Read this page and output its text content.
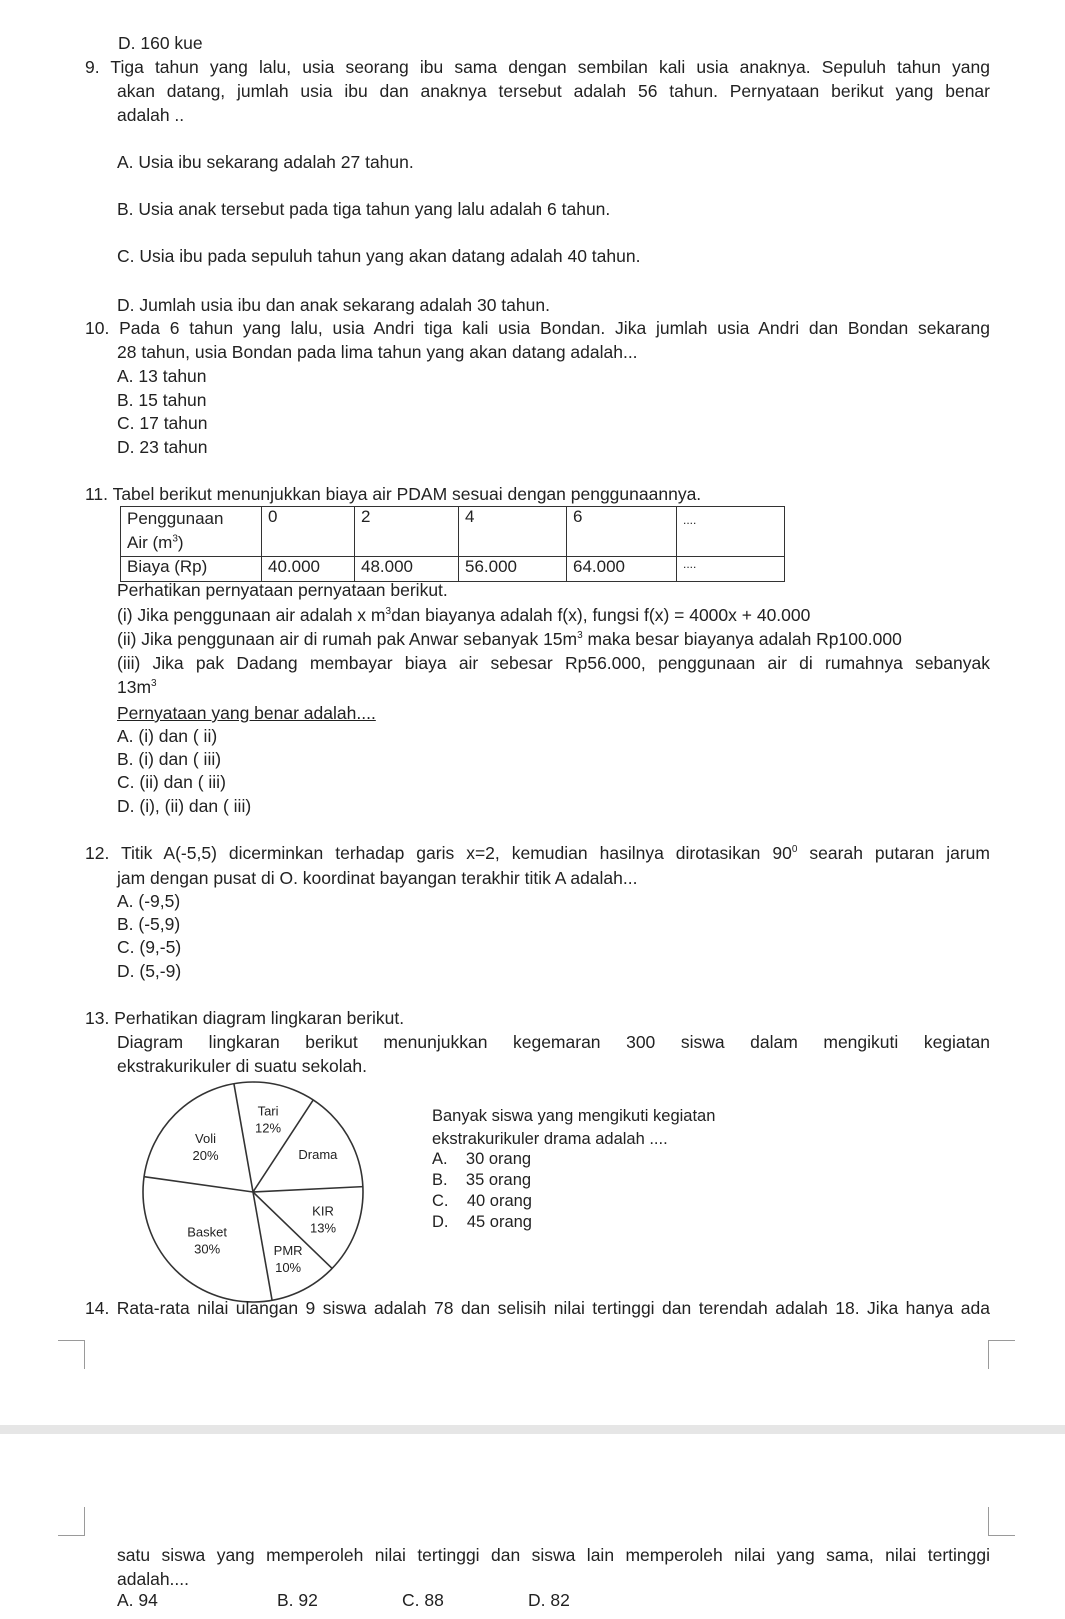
D. 160 kue
9. Tiga tahun yang lalu, usia seorang ibu sama dengan sembilan kali usia anaknya. Sepuluh tahun yang
akan datang, jumlah usia ibu dan anaknya tersebut adalah 56 tahun. Pernyataan berikut yang benar
adalah ..
A. Usia ibu sekarang adalah 27 tahun.
B. Usia anak tersebut pada tiga tahun yang lalu adalah 6 tahun.
C. Usia ibu pada sepuluh tahun yang akan datang adalah 40 tahun.
D. Jumlah usia ibu dan anak sekarang adalah 30 tahun.
10. Pada 6 tahun yang lalu, usia Andri tiga kali usia Bondan. Jika jumlah usia Andri dan Bondan sekarang
28 tahun, usia Bondan pada lima tahun yang akan datang adalah...
A. 13 tahun
B. 15 tahun
C. 17 tahun
D. 23 tahun
11. Tabel berikut menunjukkan biaya air PDAM sesuai dengan penggunaannya.
Penggunaan
Air $(m^3)$	0	2	4	6	....
Biaya (Rp)	40.000	48.000	56.000	64.000	....
Perhatikan pernyataan pernyataan berikut.
(i) Jika penggunaan air adalah x $m^3dan$ biayanya adalah f(x), fungsi f(x) = 4000x + 40.000
(ii) Jika penggunaan air di rumah pak Anwar sebanyak $15m^3$ maka besar biayanya adalah Rp100.000
(iii) Jika pak Dadang membayar biaya air sebesar Rp56.000, penggunaan air di rumahnya sebanyak
$13m^3$
Pernyataan yang benar adalah....
A. (i) dan ( ii)
B. (i) dan ( iii)
C. (ii) dan ( iii)
D. (i), (ii) dan ( iii)
12. Titik A(-5,5) dicerminkan terhadap garis x=2, kemudian hasilnya dirotasikan $90^0$ searah putaran jarum
jam dengan pusat di O. koordinat bayangan terakhir titik A adalah...
A. (-9,5)
B. (-5,9)
C. (9,-5)
D. (5,-9)
13. Perhatikan diagram lingkaran berikut.
Diagram lingkaran berikut menunjukkan kegemaran 300 siswa dalam mengikuti kegiatan
ekstrakurikuler di suatu sekolah.
Tari
12%
Drama
KIR
13%
PMR
10%
Basket
30%
Voli
20%
Banyak siswa yang mengikuti kegiatan
ekstrakurikuler drama adalah ....
A.    30 orang
B.    35 orang
C.    40 orang
D.    45 orang
14. Rata-rata nilai ulangan 9 siswa adalah 78 dan selisih nilai tertinggi dan terendah adalah 18. Jika hanya ada
satu siswa yang memperoleh nilai tertinggi dan siswa lain memperoleh nilai yang sama, nilai tertinggi
adalah....
A. 94	B. 92	C. 88	D. 82
